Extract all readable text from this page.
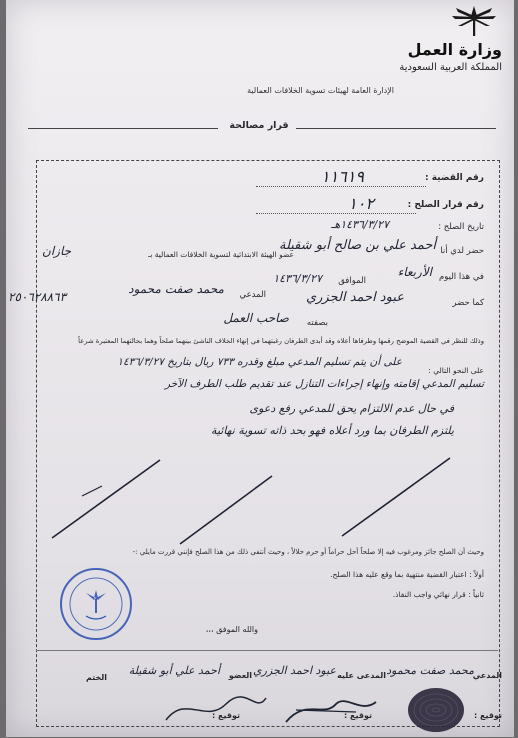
وزارة العمل
المملكة العربية السعودية
الإدارة العامة لهيئات تسوية الخلافات العمالية
قرار مصالحة
رقم القضية :
١١٦١٩
رقم قرار الصلح :
١٠٢
تاريخ الصلح :
١٤٣٦/٣/٢٧هـ
حضر لدي أنا
أحمد علي بن صالح أبو شقيلة
عضو الهيئة الابتدائية لتسوية الخلافات العمالية بـ
جازان
في هذا اليوم
الأربعاء
الموافق
١٤٣٦/٣/٢٧
المدعي
محمد صفت محمود
٢٥٠٦٢٨٨٦٣	كما حضر
عبود احمد الجزري
بصفته
صاحب العمل
وذلك للنظر في القضية الموضح رقمها وطرفاها أعلاه وقد أبدى الطرفان رغبتهما في إنهاء الخلاف الناشئ بينهما صلحاً وهما بحالتهما المعتبرة شرعاً
على النحو التالي :
على أن يتم تسليم المدعي مبلغ وقدره ٧٣٣ ريال بتاريخ ١٤٣٦/٣/٢٧
تسليم المدعي إقامته وإنهاء إجراءات التنازل عند تقديم طلب الطرف الآخر
في حال عدم الالتزام يحق للمدعي رفع دعوى
يلتزم الطرفان بما ورد أعلاه فهو بحد ذاته تسوية نهائية
وحيث أن الصلح جائز ومرغوب فيه إلا صلحاً أحل حراماً أو حرم حلالاً ، وحيث أنتفى ذلك من هذا الصلح فإنني قررت مايلي :-
أولاً : اعتبار القضية منتهية بما وقع عليه هذا الصلح.
ثانياً : قرار نهائي واجب النفاذ.
والله الموفق ،،،
المدعي
محمد صفت محمود
المدعى عليه
عبود احمد الجزري
العضو
أحمد علي أبو شقيلة
الختم
توقيع :
توقيع :
توقيع :
